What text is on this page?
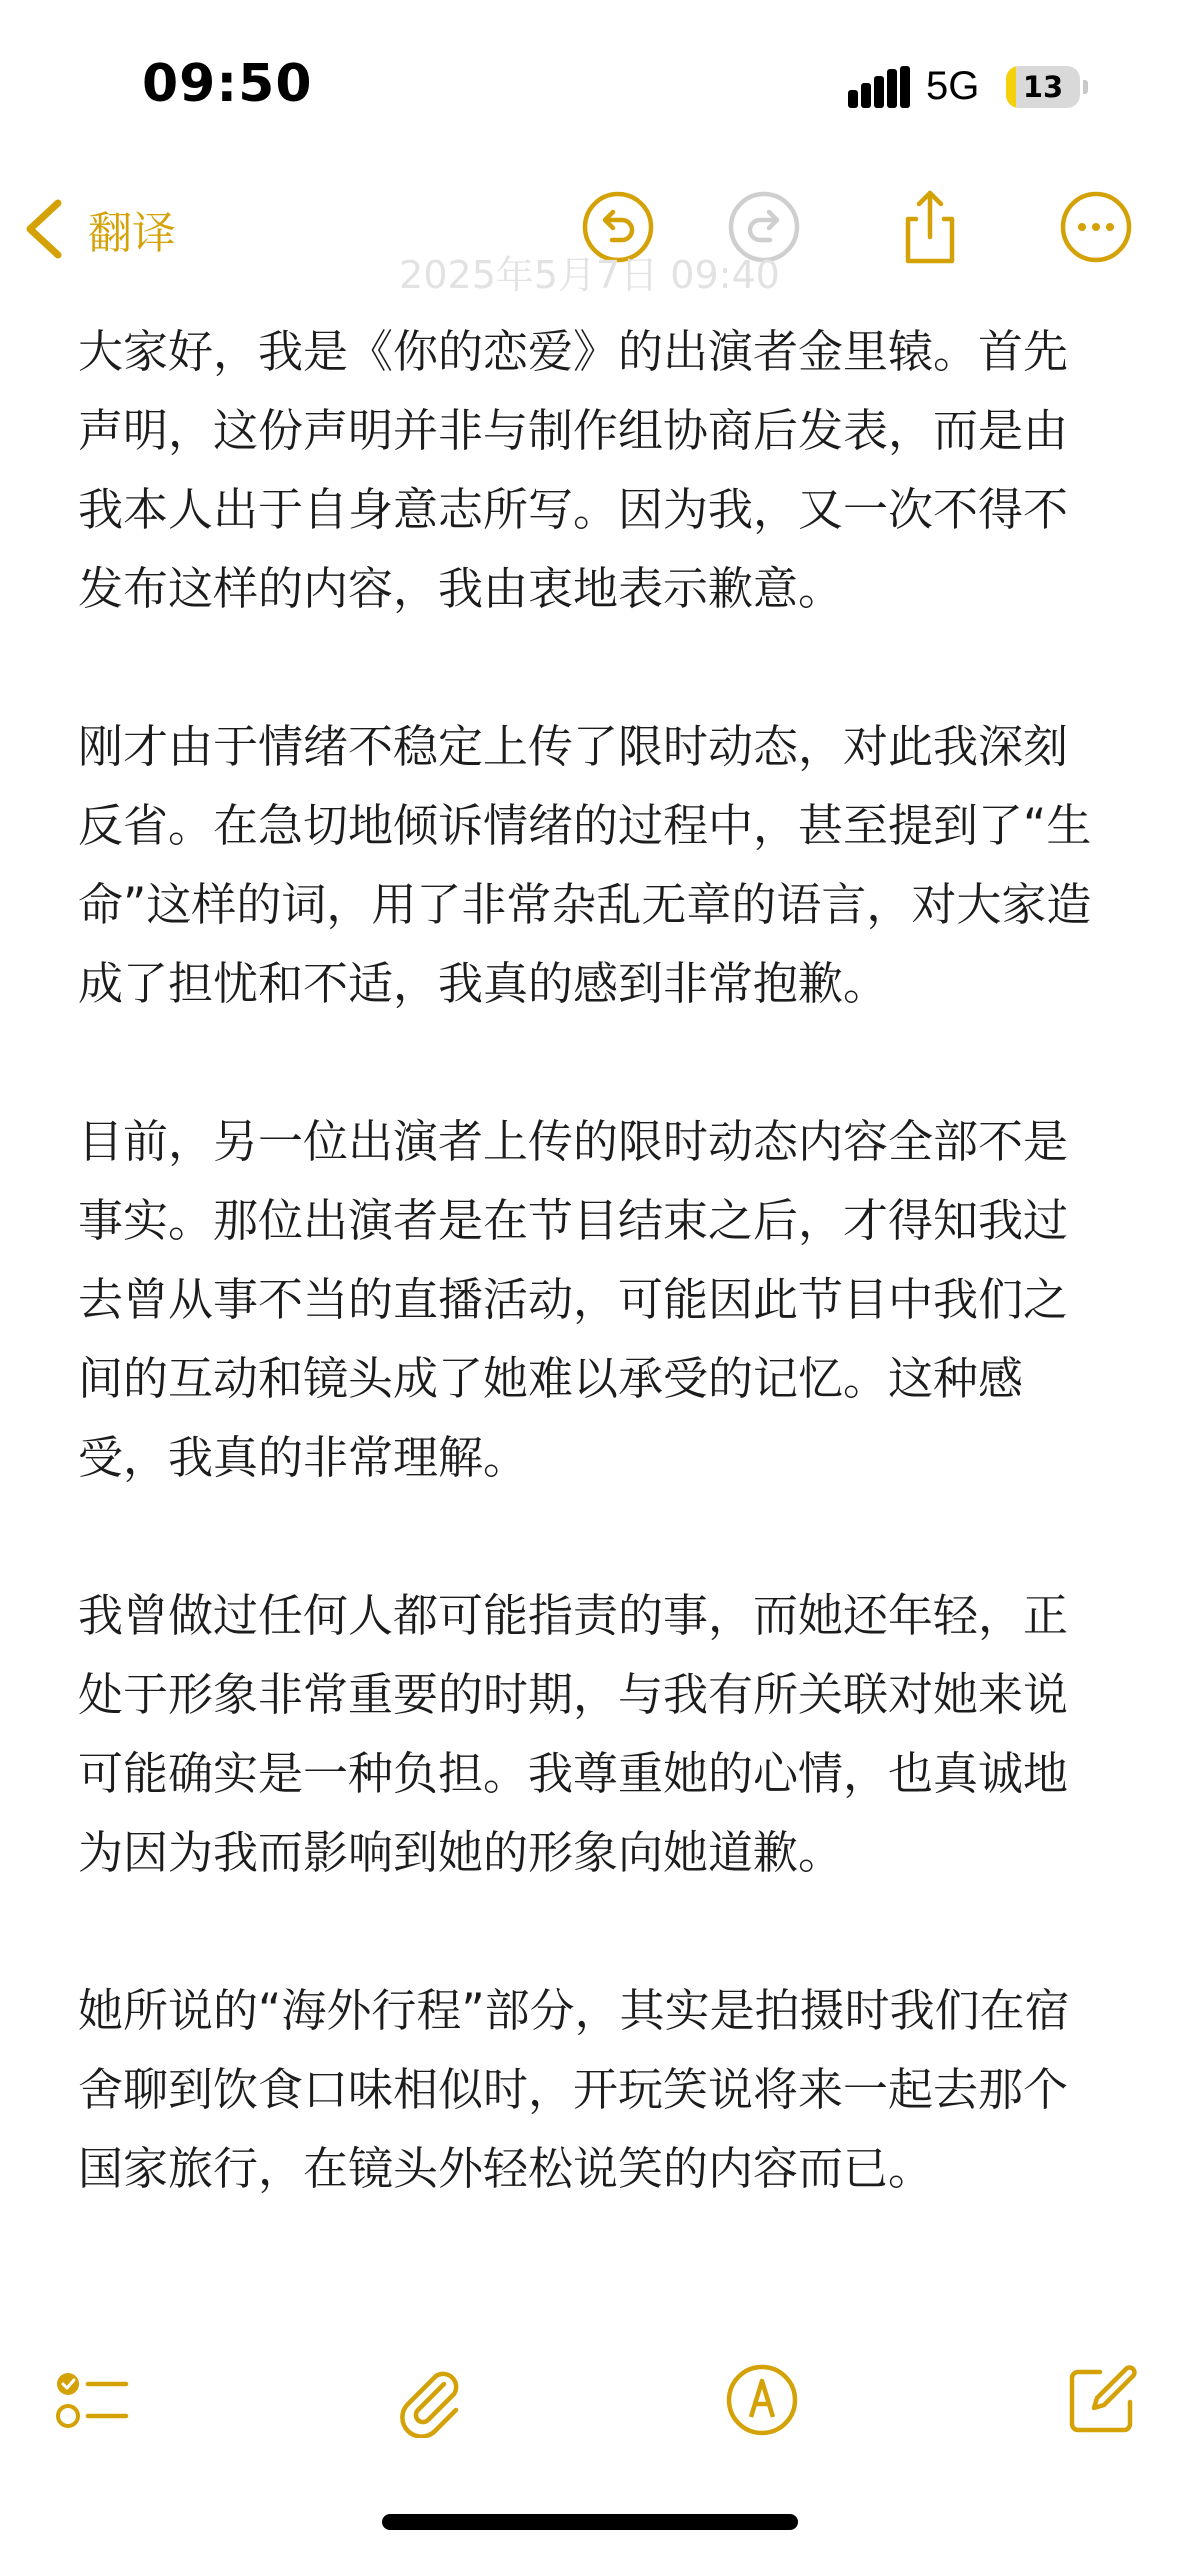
09:50	5G	13
翻译
2025年5月7日 09:40

大家好，我是《你的恋爱》的出演者金里辕。首先声明，这份声明并非与制作组协商后发表，而是由我本人出于自身意志所写。因为我，又一次不得不发布这样的内容，我由衷地表示歉意。

刚才由于情绪不稳定上传了限时动态，对此我深刻反省。在急切地倾诉情绪的过程中，甚至提到了“生命”这样的词，用了非常杂乱无章的语言，对大家造成了担忧和不适，我真的感到非常抱歉。

目前，另一位出演者上传的限时动态内容全部不是事实。那位出演者是在节目结束之后，才得知我过去曾从事不当的直播活动，可能因此节目中我们之间的互动和镜头成了她难以承受的记忆。这种感受，我真的非常理解。

我曾做过任何人都可能指责的事，而她还年轻，正处于形象非常重要的时期，与我有所关联对她来说可能确实是一种负担。我尊重她的心情，也真诚地为因为我而影响到她的形象向她道歉。

她所说的“海外行程”部分，其实是拍摄时我们在宿舍聊到饮食口味相似时，开玩笑说将来一起去那个国家旅行，在镜头外轻松说笑的内容而已。
